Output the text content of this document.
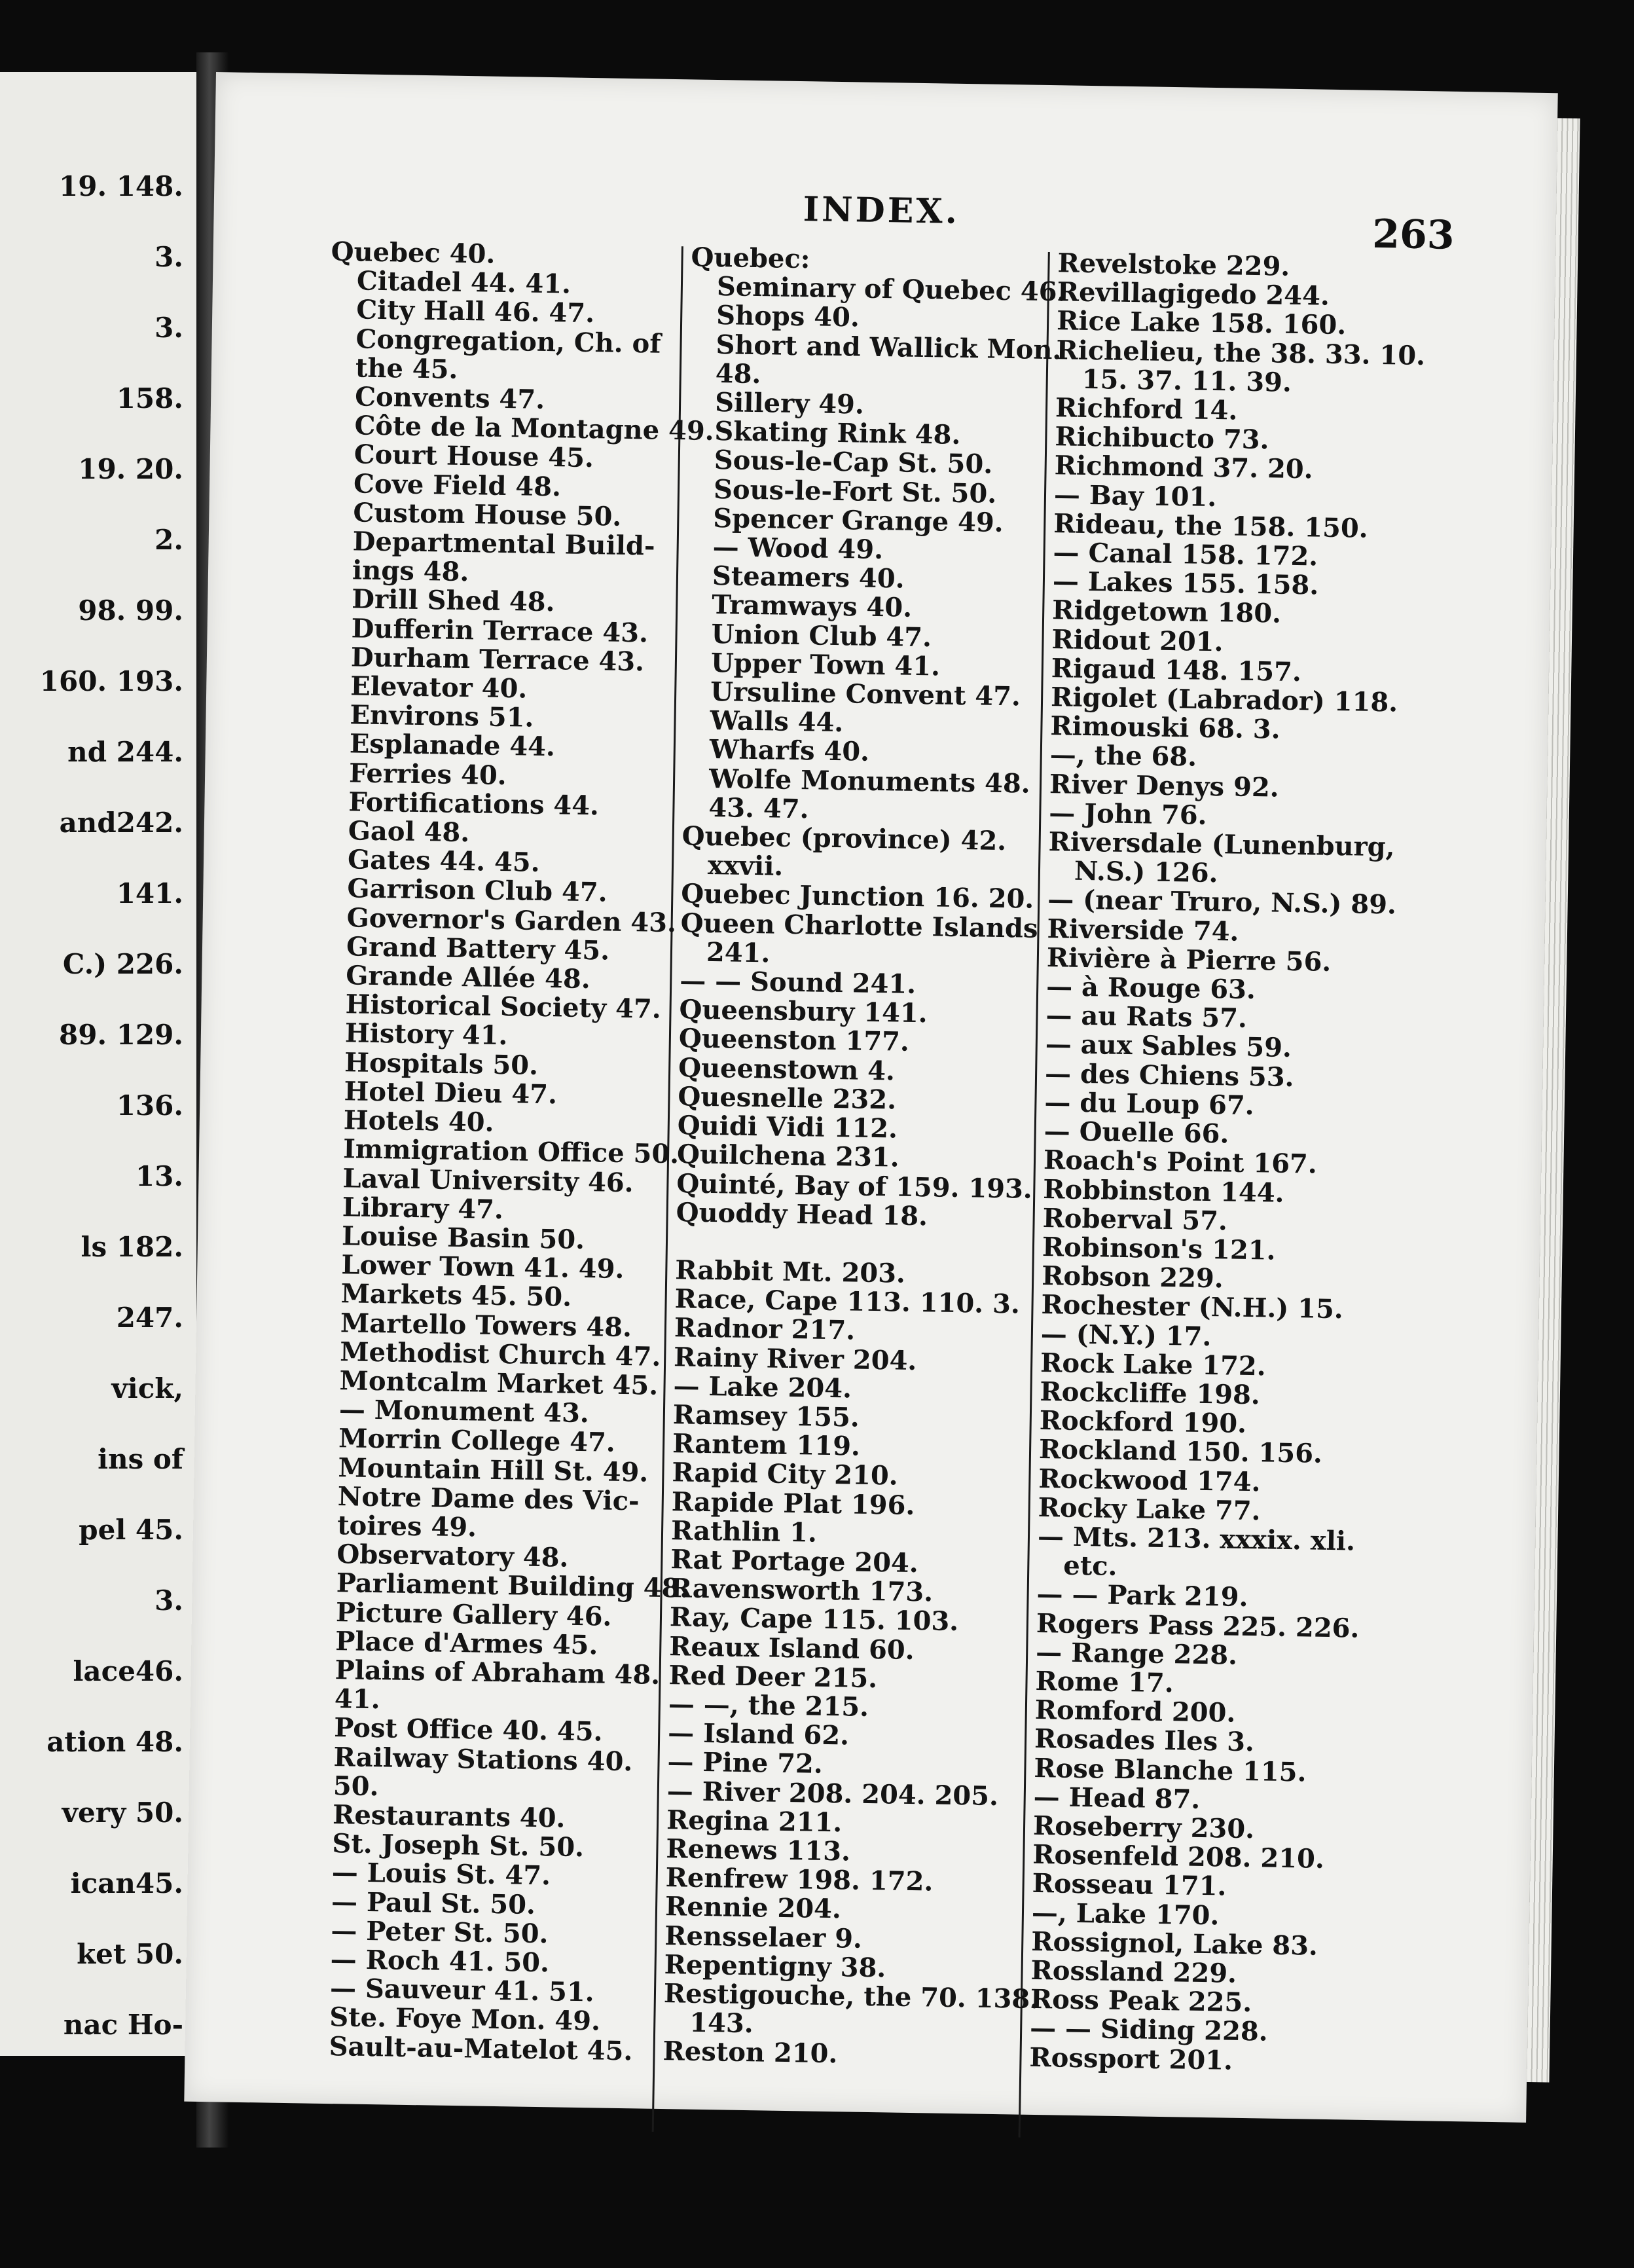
19. 148.
3.
3.
158.
19. 20.
2.
98. 99.
160. 193.
nd 244.
and242.
141.
C.) 226.
89. 129.
136.
13.
ls 182.
247.
vick,
ins of
pel 45.
3.
lace46.
ation 48.
very 50.
ican45.
ket 50.
nac Ho-
INDEX.
263
Quebec 40.
Citadel 44. 41.
City Hall 46. 47.
Congregation, Ch. of
the 45.
Convents 47.
Côte de la Montagne 49.
Court House 45.
Cove Field 48.
Custom House 50.
Departmental Build-
ings 48.
Drill Shed 48.
Dufferin Terrace 43.
Durham Terrace 43.
Elevator 40.
Environs 51.
Esplanade 44.
Ferries 40.
Fortifications 44.
Gaol 48.
Gates 44. 45.
Garrison Club 47.
Governor's Garden 43.
Grand Battery 45.
Grande Allée 48.
Historical Society 47.
History 41.
Hospitals 50.
Hotel Dieu 47.
Hotels 40.
Immigration Office 50.
Laval University 46.
Library 47.
Louise Basin 50.
Lower Town 41. 49.
Markets 45. 50.
Martello Towers 48.
Methodist Church 47.
Montcalm Market 45.
— Monument 43.
Morrin College 47.
Mountain Hill St. 49.
Notre Dame des Vic-
toires 49.
Observatory 48.
Parliament Building 48.
Picture Gallery 46.
Place d'Armes 45.
Plains of Abraham 48.
41.
Post Office 40. 45.
Railway Stations 40.
50.
Restaurants 40.
St. Joseph St. 50.
— Louis St. 47.
— Paul St. 50.
— Peter St. 50.
— Roch 41. 50.
— Sauveur 41. 51.
Ste. Foye Mon. 49.
Sault-au-Matelot 45.
Quebec:
Seminary of Quebec 46.
Shops 40.
Short and Wallick Mon.
48.
Sillery 49.
Skating Rink 48.
Sous-le-Cap St. 50.
Sous-le-Fort St. 50.
Spencer Grange 49.
— Wood 49.
Steamers 40.
Tramways 40.
Union Club 47.
Upper Town 41.
Ursuline Convent 47.
Walls 44.
Wharfs 40.
Wolfe Monuments 48.
43. 47.
Quebec (province) 42.
xxvii.
Quebec Junction 16. 20.
Queen Charlotte Islands
241.
— — Sound 241.
Queensbury 141.
Queenston 177.
Queenstown 4.
Quesnelle 232.
Quidi Vidi 112.
Quilchena 231.
Quinté, Bay of 159. 193.
Quoddy Head 18.
Rabbit Mt. 203.
Race, Cape 113. 110. 3.
Radnor 217.
Rainy River 204.
— Lake 204.
Ramsey 155.
Rantem 119.
Rapid City 210.
Rapide Plat 196.
Rathlin 1.
Rat Portage 204.
Ravensworth 173.
Ray, Cape 115. 103.
Reaux Island 60.
Red Deer 215.
— —, the 215.
— Island 62.
— Pine 72.
— River 208. 204. 205.
Regina 211.
Renews 113.
Renfrew 198. 172.
Rennie 204.
Rensselaer 9.
Repentigny 38.
Restigouche, the 70. 138.
143.
Reston 210.
Revelstoke 229.
Revillagigedo 244.
Rice Lake 158. 160.
Richelieu, the 38. 33. 10.
15. 37. 11. 39.
Richford 14.
Richibucto 73.
Richmond 37. 20.
— Bay 101.
Rideau, the 158. 150.
— Canal 158. 172.
— Lakes 155. 158.
Ridgetown 180.
Ridout 201.
Rigaud 148. 157.
Rigolet (Labrador) 118.
Rimouski 68. 3.
—, the 68.
River Denys 92.
— John 76.
Riversdale (Lunenburg,
N.S.) 126.
— (near Truro, N.S.) 89.
Riverside 74.
Rivière à Pierre 56.
— à Rouge 63.
— au Rats 57.
— aux Sables 59.
— des Chiens 53.
— du Loup 67.
— Ouelle 66.
Roach's Point 167.
Robbinston 144.
Roberval 57.
Robinson's 121.
Robson 229.
Rochester (N.H.) 15.
— (N.Y.) 17.
Rock Lake 172.
Rockcliffe 198.
Rockford 190.
Rockland 150. 156.
Rockwood 174.
Rocky Lake 77.
— Mts. 213. xxxix. xli.
etc.
— — Park 219.
Rogers Pass 225. 226.
— Range 228.
Rome 17.
Romford 200.
Rosades Iles 3.
Rose Blanche 115.
— Head 87.
Roseberry 230.
Rosenfeld 208. 210.
Rosseau 171.
—, Lake 170.
Rossignol, Lake 83.
Rossland 229.
Ross Peak 225.
— — Siding 228.
Rossport 201.
